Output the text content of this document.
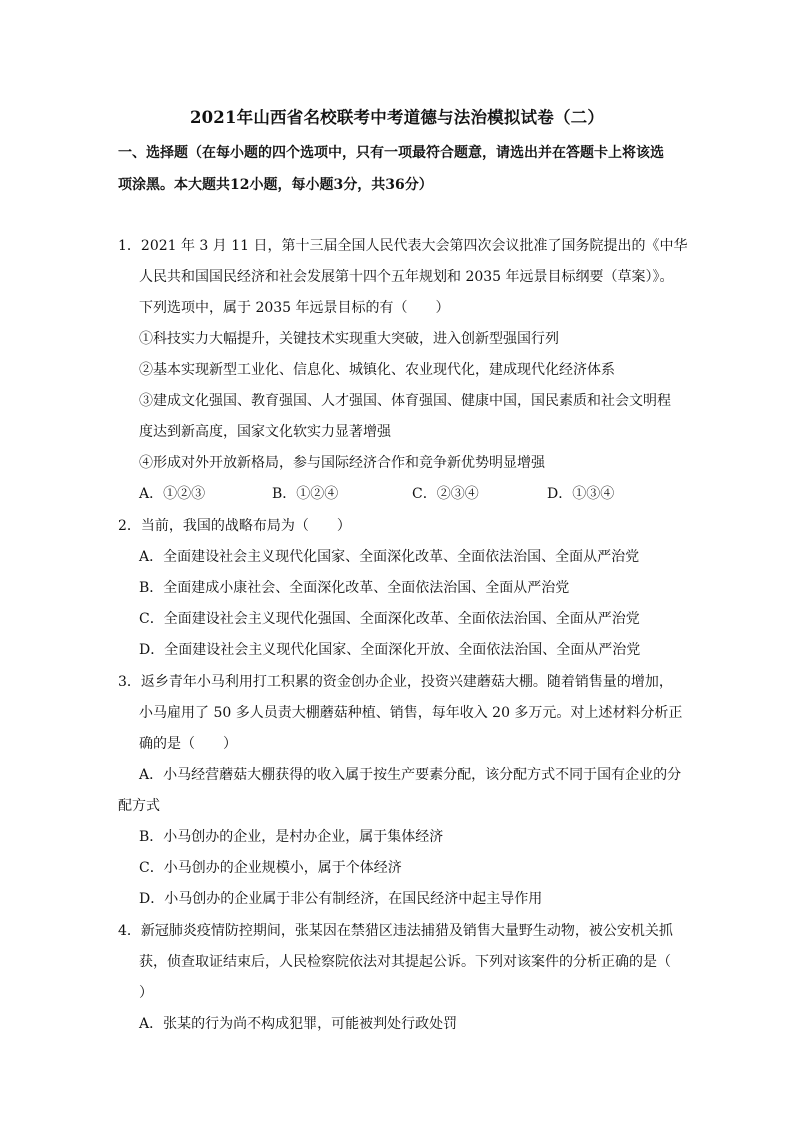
2021年山西省名校联考中考道德与法治模拟试卷（二）
一、选择题（在每小题的四个选项中，只有一项最符合题意，请选出并在答题卡上将该选
项涂黑。本大题共12小题，每小题3分，共36分）
1．2021 年 3 月 11 日，第十三届全国人民代表大会第四次会议批准了国务院提出的《中华
人民共和国国民经济和社会发展第十四个五年规划和 2035 年远景目标纲要（草案）》。
下列选项中，属于 2035 年远景目标的有（　　）
①科技实力大幅提升，关键技术实现重大突破，进入创新型强国行列
②基本实现新型工业化、信息化、城镇化、农业现代化，建成现代化经济体系
③建成文化强国、教育强国、人才强国、体育强国、健康中国，国民素质和社会文明程
度达到新高度，国家文化软实力显著增强
④形成对外开放新格局，参与国际经济合作和竞争新优势明显增强
A．①②③	B．①②④	C．②③④	D．①③④
2．当前，我国的战略布局为（　　）
A．全面建设社会主义现代化国家、全面深化改革、全面依法治国、全面从严治党
B．全面建成小康社会、全面深化改革、全面依法治国、全面从严治党
C．全面建设社会主义现代化强国、全面深化改革、全面依法治国、全面从严治党
D．全面建设社会主义现代化国家、全面深化开放、全面依法治国、全面从严治党
3．返乡青年小马利用打工积累的资金创办企业，投资兴建蘑菇大棚。随着销售量的增加，
小马雇用了 50 多人员责大棚蘑菇种植、销售，每年收入 20 多万元。对上述材料分析正
确的是（　　）
A．小马经营蘑菇大棚获得的收入属于按生产要素分配，该分配方式不同于国有企业的分
配方式
B．小马创办的企业，是村办企业，属于集体经济
C．小马创办的企业规模小，属于个体经济
D．小马创办的企业属于非公有制经济，在国民经济中起主导作用
4．新冠肺炎疫情防控期间，张某因在禁猎区违法捕猎及销售大量野生动物，被公安机关抓
获，侦查取证结束后，人民检察院依法对其提起公诉。下列对该案件的分析正确的是（
）
A．张某的行为尚不构成犯罪，可能被判处行政处罚
